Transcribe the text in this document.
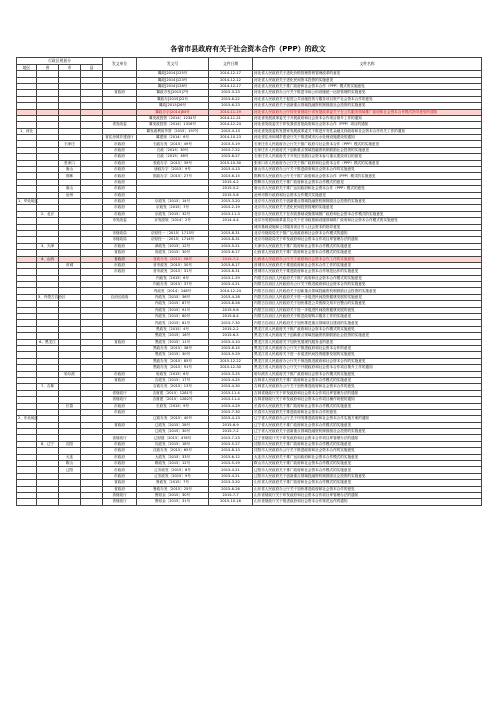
各省市县政府有关于社会资本合作（PPP）的政文
行政区规划分				发文单位	发文号	文件日期	文件名称
地区	省	市	县				
					冀政[2014]125号	2014-12-17	河北省人民政府关于进化价格管理资格管理改革的意见
					冀政[2014]123号	2014-12-12	河北省人民政府关于进化民间资本投资的实施意见
					冀政[2014]128号	2014-12-17	河北省人民政府关于推广政府和社会资本合作（PPP）模式的实施意见
				省政府	冀政办发[2015]7号	2015-3-23	河北省人民政府办公厅关于推进市场公用设施统一运营管理的实施意见
					冀政办[2015]22号	2015-6-22	河北省人民政府关于促进公共设施投资与服务项目资产社会资本合作的意见
					冀政[2015]26号	2015-6-23	河北省人民政府关于创新重点领域投融资机制鼓励社会投资的实施意见
					冀政办字[2014]84号	2014-11-19	河北省人民政府办公厅转发省财政厅省发展改革委关于在公共服务领域推广政府和社会资本合作模式指导意见的通知
					冀发改投资〔2014〕1234号	2014-11-21	河北省发展改革委关于开展政府和社会资本合作项目推介工作的通知
				省发改委	冀发改投资〔2014〕1316号	2014-12-24	河北省发改委关于印发我省首批政府和社会资本合作（PPP）项目的通知
1、河北					冀发改利用外资〔2015〕197号	2015-4-13	河北省发改委转发国家发展改革委关于推进开发性金融支持政府和社会资本合作有关工作的通知
				省住房城乡建设厅	冀建规〔2014〕6号	2014-10-23	河北省住房和城乡建设厅关于推进城市污水处理设施建设的通知
		石家庄		市政府	石政办发〔2015〕49号	2015-5-19	石家庄市人民政府办公厅关于推广政府与社会资本合作（PPP）模式的实施意见
				市政府	石政〔2015〕30号	2015-7-22	石家庄市人民政府关于创新重点领域投融资机制鼓励社会投资的实施意见
				市政府	石政〔2015〕38号	2015-8-27	石家庄市人民政府关于开发区发展社会资本参与重点建设项目的意见
		张家口		市政府	张政办字〔2015〕39号	2015-10-30	张家口市人民政府办公厅关于推广政府和社会资本合作（PPP）模式的实施意见
		唐山		市政府	唐政办字〔2015〕9号	2015-4-13	唐山市人民政府办公厅关于推进政府和社会资本合作的实施意见
		邯郸		市政府	邯政办字〔2015〕27号	2015-6-15	邯郸市人民政府办公厅关于推广政府和社会资本合作（PPP）模式的实施意见
				市政府		2015-4-2	邯郸市人民政府关于推广政府和社会资本合作模式的意见
		唐山		市政府		2015-5-2	唐山市人民政府关于推广运用政府和社会资本合作（PPP）模式的意见
		沧州		市政府		2015-5-6	沧州市推行政府和社会资本合作模式实施意见
1、华北地区				市政府	京政发〔2015〕14号	2015-3-20	北京市人民政府关于创新重点领域投融资机制鼓励社会投资的实施意见
				市政府	京政发〔2015〕7号	2015-2-19	北京市人民政府关于进化民间投资管理的实施意见
	2、北京			市政府	京政发〔2015〕32号	2015-11-3	北京市人民政府关于在市政基础设施领域推广政府和社会资本合作模式的实施意见
				市发改委	京发改规〔2014〕2号	2014-4-4	北京市发展和改革委员会关于在市政基础设施领域推广政府和社会资本合作模式的实施意见
							城市基础设施和公共服务项目引入社会资本的指导意见
				市财政局	京财经一〔2015〕1713号	2015-8-31	北京市财政局关于推广运用政府和社会资本合作模式的通知
				市财政局	京财经一〔2015〕1714号	2015-8-31	北京市财政局关于印发政府和社会资本合作项目库管理办法的通知
	3、天津			市政府	津政发〔2015〕12号	2015-5-21	天津市人民政府关于推广政府和社会资本合作模式的实施意见
				省政府	晋政发〔2015〕30号	2015-6-17	山西省人民政府关于推广政府和社会资本合作模式的实施意见
	4、山西			省政府	晋政办发〔2015〕58号	2015-7-2	山西省人民政府办公厅关于政府和社会资本合作工作的实施意见
		晋城		市政府	晋市政发〔2015〕30号	2015-8-17	晋城市人民政府关于推进政府和社会资本合作工作的实施意见
				市政府	晋市政发〔2015〕31号	2015-8-31	晋城市人民政府关于推进政府和社会资本合作规范运作的实施意见
					内政发〔2015〕6号	2015-1-29	内蒙古自治区人民政府关于推广政府和社会资本合作模式的实施意见
					内政办发〔2015〕37号	2015-4-21	内蒙古自治区人民政府办公厅关于推进政府和社会资本合作的实施意见
					内政发〔2014〕148号	2014-12-24	内蒙古自治区人民政府关于创新重点领域投融资机制鼓励社会投资的实施意见
	5、内蒙古自治区			自治区政府	内政发〔2015〕36号	2015-4-28	内蒙古自治区人民政府关于进一步促进民间投资健康发展的实施意见
					内政发〔2015〕87号	2015-8-26	内蒙古自治区人民政府关于加快推进公共资源交易平台整合的实施意见
					内政发〔2015〕91号	2015-9-8	内蒙古自治区人民政府关于进一步促进民间投资健康发展的意见
					内政发〔2015〕80号	2015-8-4	内蒙古自治区人民政府关于推进政府购买服务工作的实施意见
					内政发〔2015〕81号	2015-7-30	内蒙古自治区人民政府关于加快推进重点领域项目建设的实施意见
					黑政发〔2015〕4号	2015-2-2	黑龙江省人民政府关于推广政府和社会资本合作模式的实施意见
					黑政发〔2015〕16号	2015-6-5	黑龙江省人民政府关于创新重点领域投融资机制鼓励社会投资的实施意见
	6、黑龙江			省政府	黑政发〔2015〕11号	2015-4-10	黑龙江省人民政府关于加快发展现代服务业的意见
					黑政办发〔2015〕38号	2015-6-15	黑龙江省人民政府办公厅关于推进政府和社会资本合作的意见
					黑政发〔2015〕30号	2015-9-29	黑龙江省人民政府关于进一步促进民间投资健康发展的实施意见
					黑政办发〔2015〕85号	2015-12-22	黑龙江省人民政府办公厅关于规范推进政府和社会资本合作的实施意见
					黑政办发〔2015〕91号	2015-12-30	黑龙江省人民政府办公厅关于开展政府和社会资本合作项目推介工作的通知
		哈尔滨		市政府	哈政发〔2015〕6号	2015-3-25	哈尔滨市人民政府关于推广政府和社会资本合作模式的实施意见
				省政府	吉政发〔2015〕17号	2015-4-25	吉林省人民政府关于推广政府和社会资本合作模式的实施意见
	7、吉林				吉政办发〔2015〕13号	2015-4-30	吉林省人民政府办公厅关于加快推进政府和社会资本合作的意见
				省财政厅	吉财建〔2015〕1281号	2015-11-4	吉林省财政厅关于印发政府和社会资本合作项目库管理办法的通知
				省财政厅	吉财建〔2015〕1282号	2015-11-4	吉林省财政厅关于印发政府和社会资本合作项目操作规程的通知
		长春		市政府	长府发〔2015〕9号	2015-4-29	长春市人民政府关于推广政府和社会资本合作模式的实施意见
				市政府		2015-7-30	长春市人民政府关于推进政府和社会资本合作的意见
2、东北地区					辽政办发〔2015〕40号	2015-4-13	辽宁省人民政府办公厅关于印发推进政府和社会资本合作实施方案的通知
				省政府	辽政发〔2015〕28号	2015-6-9	辽宁省人民政府关于推广政府和社会资本合作模式的实施意见
					辽政发〔2015〕30号	2015-7-2	辽宁省人民政府关于创新重点领域投融资机制鼓励社会投资的实施意见
				省财政厅	辽财债〔2015〕478号	2015-7-23	辽宁省财政厅关于印发政府和社会资本合作项目库管理办法的通知
	8、辽宁	沈阳		市政府	沈政发〔2015〕18号	2015-5-27	沈阳市人民政府关于推广政府和社会资本合作模式的实施意见
				市政府	沈政办发〔2015〕65号	2015-8-13	沈阳市人民政府办公厅关于推进政府和社会资本合作的实施意见
		大连		市政府	大政发〔2015〕33号	2015-6-12	大连市人民政府关于推广运用政府和社会资本合作模式的实施意见
		鞍山		市政府	鞍政发〔2015〕12号	2015-5-19	鞍山市人民政府关于推广政府和社会资本合作模式的实施意见
		辽阳		市政府	辽市政发〔2015〕8号	2015-4-21	辽阳市人民政府关于推广政府和社会资本合作模式的实施意见
				市政府	辽市政发〔2015〕9号	2015-4-21	辽阳市人民政府关于创新重点领域投融资机制鼓励社会投资的实施意见
				省政府	鲁政发〔2015〕7号	2015-3-20	山东省人民政府关于推广政府和社会资本合作模式的实施意见
				省政府	鲁政办发〔2015〕25号	2015-6-26	山东省人民政府办公厅关于加快推进政府和社会资本合作的意见
				省财政厅	鲁财金〔2015〕30号	2015-7-7	山东省财政厅关于印发政府和社会资本合作项目库管理办法的通知
				省财政厅	鲁财金〔2015〕31号	2015-10-16	山东省财政厅关于推进政府和社会资本合作规范运作的通知
